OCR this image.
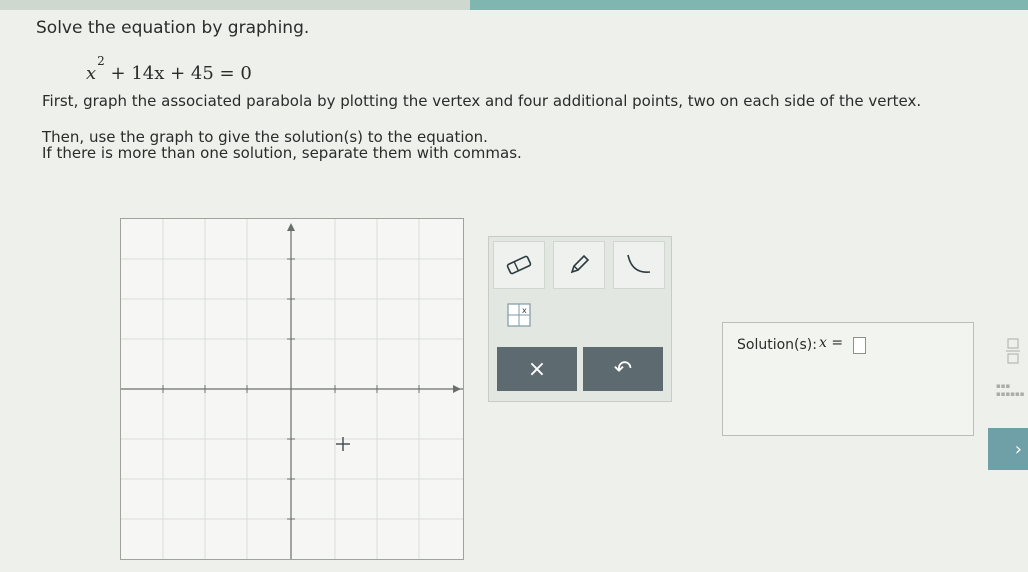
Solve the equation by graphing.
$x^2 + 14x + 45 = 0$
First, graph the associated parabola by plotting the vertex and four additional points, two on each side of the vertex.
Then, use the graph to give the solution(s) to the equation.
If there is more than one solution, separate them with commas.
x
×	↶
Solution(s): x =
▪▪▪
▪▪▪▪▪▪
›
